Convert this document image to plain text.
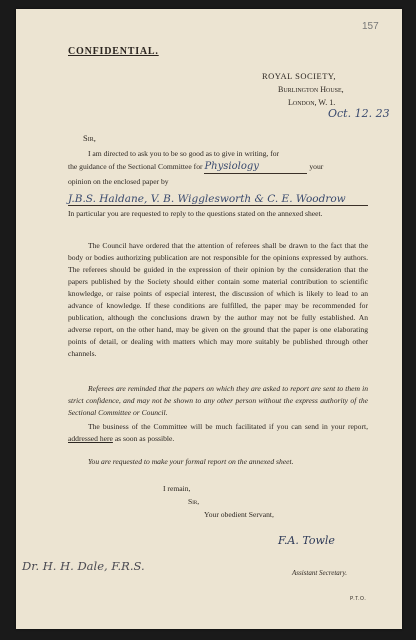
157
CONFIDENTIAL.
ROYAL SOCIETY,
Burlington House,
London, W. 1.
Oct. 12. 23
Sir,

I am directed to ask you to be so good as to give in writing, for

the guidance of the Sectional Committee for Physiology	your

opinion on the enclosed paper by

J.B.S. Haldane, V. B. Wigglesworth & C. E. Woodrow

In particular you are requested to reply to the questions stated on the annexed sheet.

The Council have ordered that the attention of referees shall be drawn to the fact that the body or bodies authorizing publication are not responsible for the opinions expressed by authors. The referees should be guided in the expression of their opinion by the consideration that the papers published by the Society should either contain some material contribution to scientific knowledge, or raise points of especial interest, the discussion of which is likely to lead to an advance of knowledge. If these conditions are fulfilled, the paper may be recommended for publication, although the conclusions drawn by the author may not be fully established. An adverse report, on the other hand, may be given on the ground that the paper is one elaborating points of detail, or dealing with matters which may more suitably be published through other channels.

Referees are reminded that the papers on which they are asked to report are sent to them in strict confidence, and may not be shown to any other person without the express authority of the Sectional Committee or Council.

The business of the Committee will be much facilitated if you can send in your report, addressed here as soon as possible.

You are requested to make your formal report on the annexed sheet.
I remain,
Sir,
Your obedient Servant,
F.A. Towle
Dr. H. H. Dale, F.R.S.	Assistant Secretary.
P.T.O.
